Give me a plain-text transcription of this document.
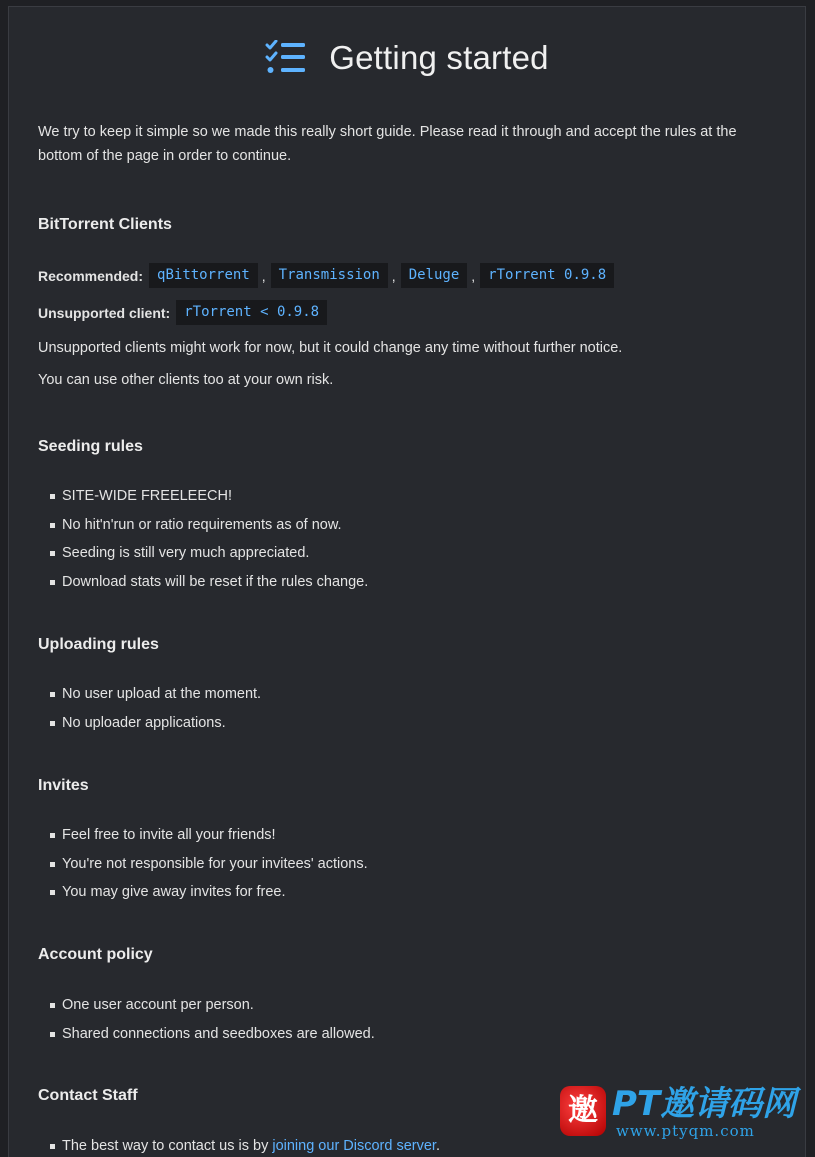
Getting started

We try to keep it simple so we made this really short guide. Please read it through and accept the rules at the bottom of the page in order to continue.

BitTorrent Clients
Recommended:	qBittorrent , Transmission , Deluge , rTorrent 0.9.8
Unsupported client:	rTorrent < 0.9.8

Unsupported clients might work for now, but it could change any time without further notice.

You can use other clients too at your own risk.

Seeding rules
SITE-WIDE FREELEECH!
No hit'n'run or ratio requirements as of now.
Seeding is still very much appreciated.
Download stats will be reset if the rules change.
Uploading rules
No user upload at the moment.
No uploader applications.
Invites
Feel free to invite all your friends!
You're not responsible for your invitees' actions.
You may give away invites for free.
Account policy
One user account per person.
Shared connections and seedboxes are allowed.
Contact Staff
The best way to contact us is by joining our Discord server.
邀 PT邀请码网
www.ptyqm.com
